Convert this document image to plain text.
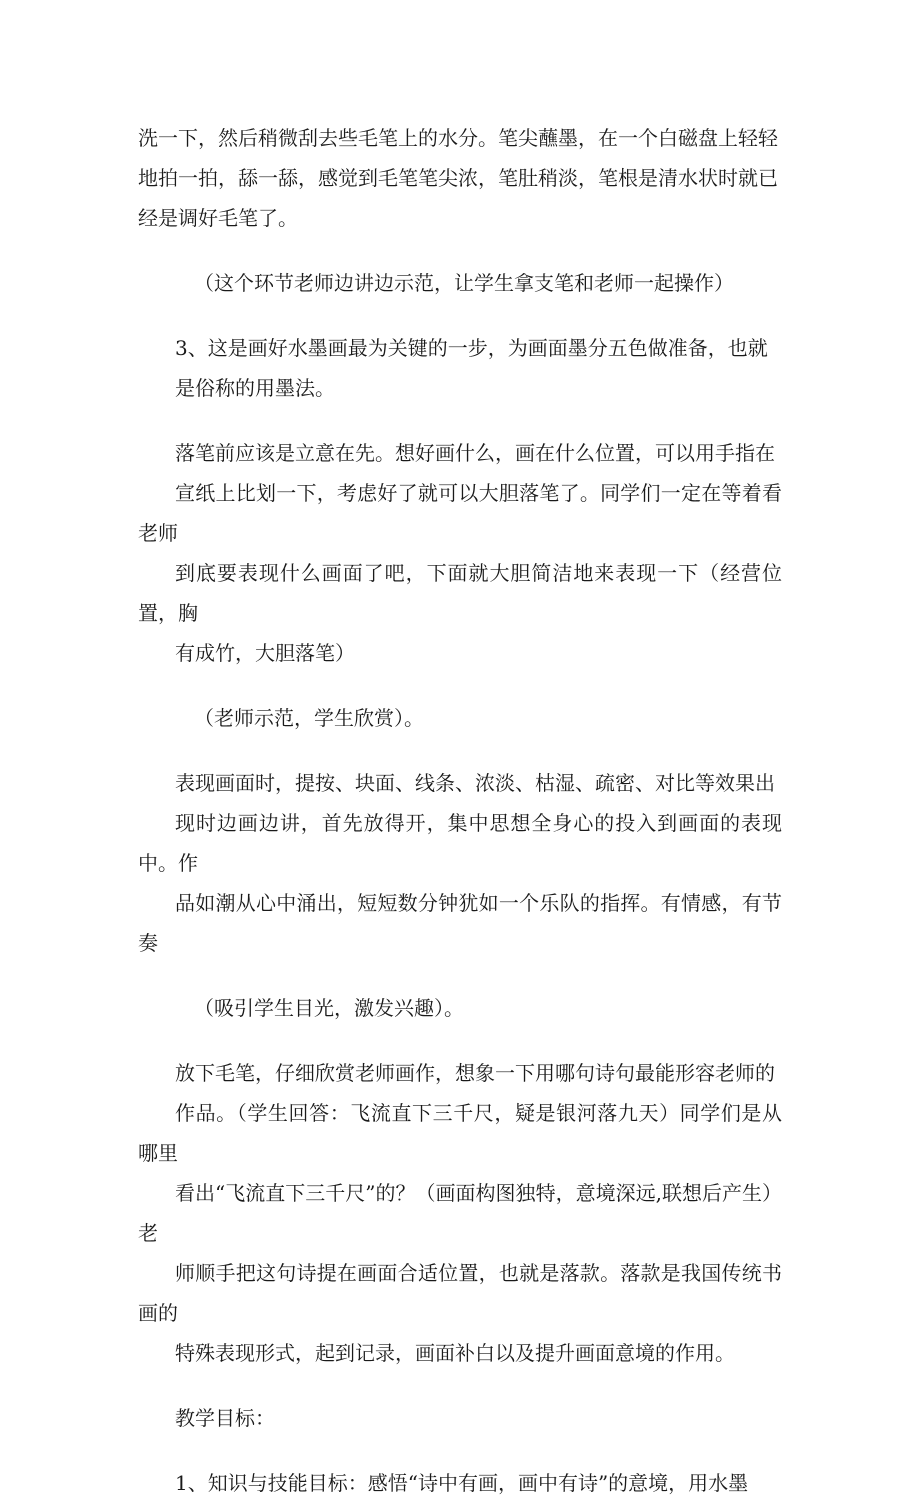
洗一下，然后稍微刮去些毛笔上的水分。笔尖蘸墨，在一个白磁盘上轻轻
地拍一拍，舔一舔，感觉到毛笔笔尖浓，笔肚稍淡，笔根是清水状时就已
经是调好毛笔了。

（这个环节老师边讲边示范，让学生拿支笔和老师一起操作）

3、这是画好水墨画最为关键的一步，为画面墨分五色做准备，也就
是俗称的用墨法。

落笔前应该是立意在先。想好画什么，画在什么位置，可以用手指在
宣纸上比划一下，考虑好了就可以大胆落笔了。同学们一定在等着看老师
到底要表现什么画面了吧，下面就大胆简洁地来表现一下（经营位置，胸
有成竹，大胆落笔）

（老师示范，学生欣赏）。

表现画面时，提按、块面、线条、浓淡、枯湿、疏密、对比等效果出
现时边画边讲，首先放得开，集中思想全身心的投入到画面的表现中。作
品如潮从心中涌出，短短数分钟犹如一个乐队的指挥。有情感，有节奏

（吸引学生目光，激发兴趣）。

放下毛笔，仔细欣赏老师画作，想象一下用哪句诗句最能形容老师的
作品。（学生回答：飞流直下三千尺，疑是银河落九天）同学们是从哪里
看出“飞流直下三千尺”的？（画面构图独特，意境深远,联想后产生）老
师顺手把这句诗提在画面合适位置，也就是落款。落款是我国传统书画的
特殊表现形式，起到记录，画面补白以及提升画面意境的作用。

教学目标：

1、知识与技能目标：感悟“诗中有画，画中有诗”的意境，用水墨
